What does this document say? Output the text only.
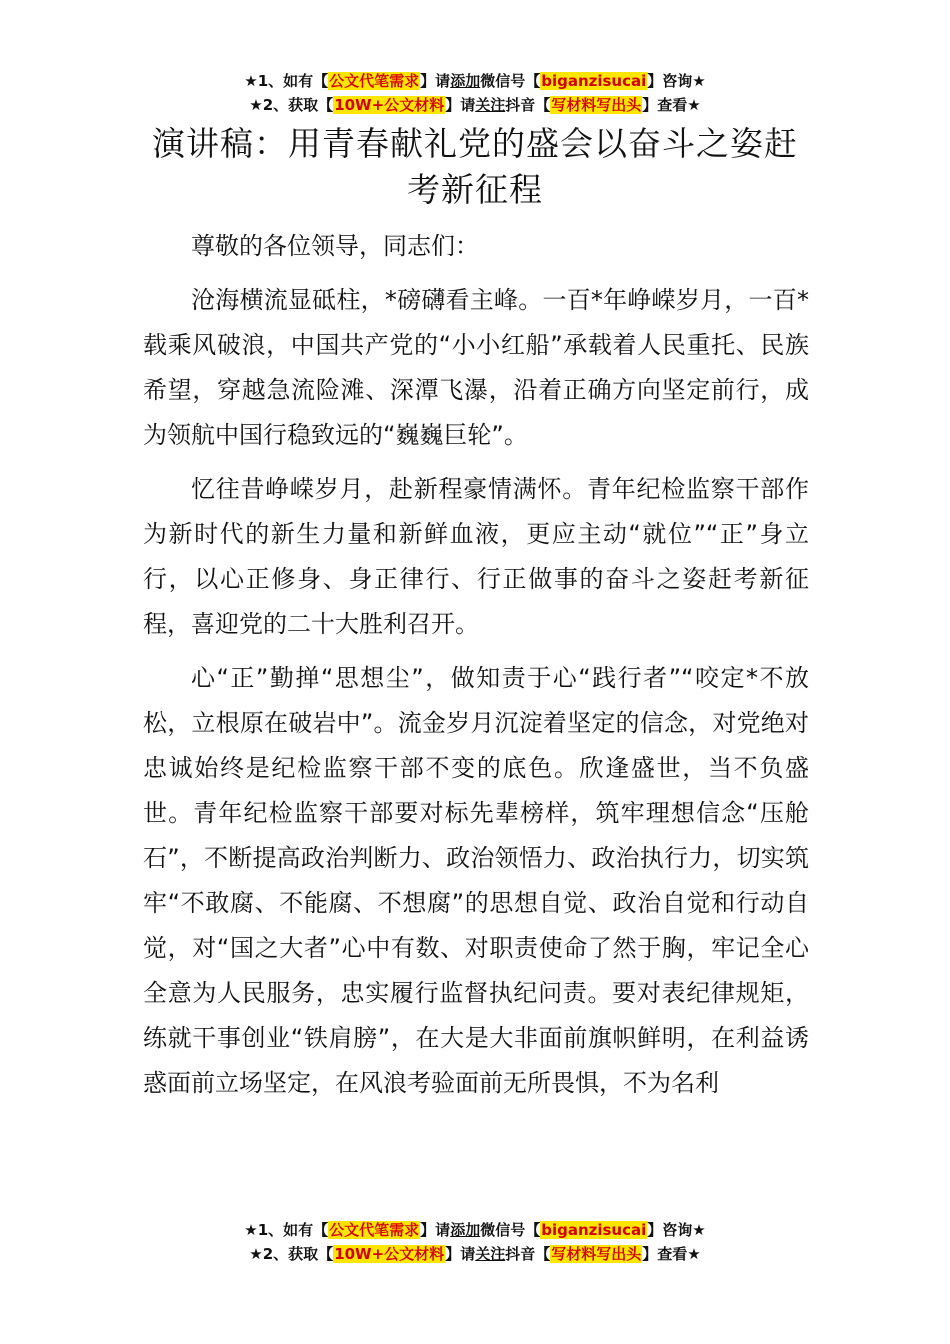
★1、如有【公文代笔需求】请添加微信号【biganzisucai】咨询★
★2、获取【10W+公文材料】请关注抖音【写材料写出头】查看★
演讲稿：用青春献礼党的盛会以奋斗之姿赶考新征程

尊敬的各位领导，同志们：

沧海横流显砥柱，*磅礴看主峰。一百*年峥嵘岁月，一百*载乘风破浪，中国共产党的“小小红船”承载着人民重托、民族希望，穿越急流险滩、深潭飞瀑，沿着正确方向坚定前行，成为领航中国行稳致远的“巍巍巨轮”。

忆往昔峥嵘岁月，赴新程豪情满怀。青年纪检监察干部作为新时代的新生力量和新鲜血液，更应主动“就位”“正”身立行，以心正修身、身正律行、行正做事的奋斗之姿赶考新征程，喜迎党的二十大胜利召开。

心“正”勤掸“思想尘”，做知责于心“践行者”“咬定*不放松，立根原在破岩中”。流金岁月沉淀着坚定的信念，对党绝对忠诚始终是纪检监察干部不变的底色。欣逢盛世，当不负盛世。青年纪检监察干部要对标先辈榜样，筑牢理想信念“压舱石”，不断提高政治判断力、政治领悟力、政治执行力，切实筑牢“不敢腐、不能腐、不想腐”的思想自觉、政治自觉和行动自觉，对“国之大者”心中有数、对职责使命了然于胸，牢记全心全意为人民服务，忠实履行监督执纪问责。要对表纪律规矩，练就干事创业“铁肩膀”，在大是大非面前旗帜鲜明，在利益诱惑面前立场坚定，在风浪考验面前无所畏惧，不为名利

★1、如有【公文代笔需求】请添加微信号【biganzisucai】咨询★
★2、获取【10W+公文材料】请关注抖音【写材料写出头】查看★
